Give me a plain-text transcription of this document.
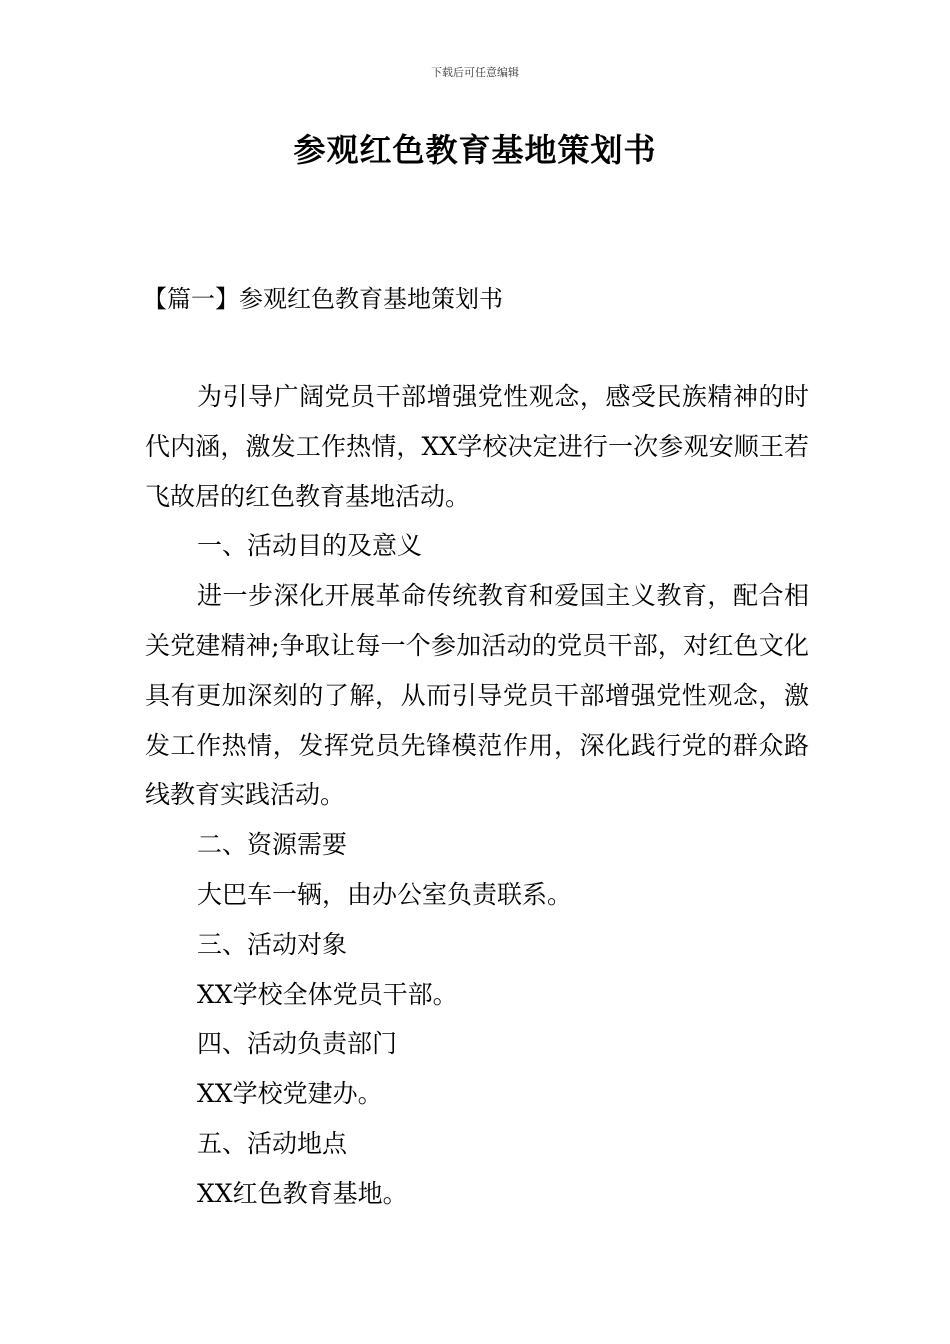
下载后可任意编辑
参观红色教育基地策划书
【篇一】参观红色教育基地策划书

为引导广阔党员干部增强党性观念，感受民族精神的时代内涵，激发工作热情，XX学校决定进行一次参观安顺王若飞故居的红色教育基地活动。

一、活动目的及意义

进一步深化开展革命传统教育和爱国主义教育，配合相关党建精神;争取让每一个参加活动的党员干部，对红色文化具有更加深刻的了解，从而引导党员干部增强党性观念，激发工作热情，发挥党员先锋模范作用，深化践行党的群众路线教育实践活动。

二、资源需要

大巴车一辆，由办公室负责联系。

三、活动对象

XX学校全体党员干部。

四、活动负责部门

XX学校党建办。

五、活动地点

XX红色教育基地。
